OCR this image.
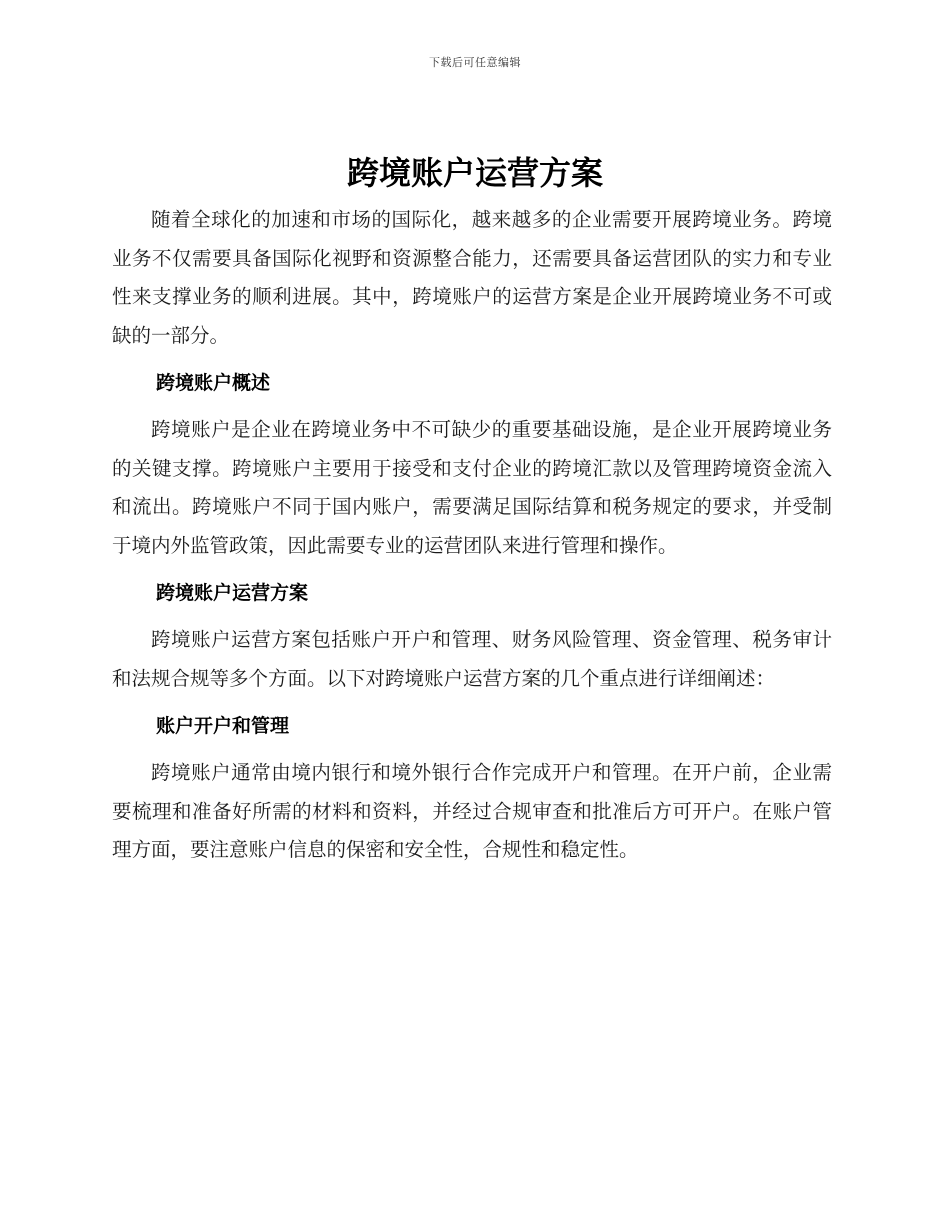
下载后可任意编辑
跨境账户运营方案

随着全球化的加速和市场的国际化，越来越多的企业需要开展跨境业务。跨境业务不仅需要具备国际化视野和资源整合能力，还需要具备运营团队的实力和专业性来支撑业务的顺利进展。其中，跨境账户的运营方案是企业开展跨境业务不可或缺的一部分。

跨境账户概述

跨境账户是企业在跨境业务中不可缺少的重要基础设施，是企业开展跨境业务的关键支撑。跨境账户主要用于接受和支付企业的跨境汇款以及管理跨境资金流入和流出。跨境账户不同于国内账户，需要满足国际结算和税务规定的要求，并受制于境内外监管政策，因此需要专业的运营团队来进行管理和操作。

跨境账户运营方案

跨境账户运营方案包括账户开户和管理、财务风险管理、资金管理、税务审计和法规合规等多个方面。以下对跨境账户运营方案的几个重点进行详细阐述：

账户开户和管理

跨境账户通常由境内银行和境外银行合作完成开户和管理。在开户前，企业需要梳理和准备好所需的材料和资料，并经过合规审查和批准后方可开户。在账户管理方面，要注意账户信息的保密和安全性，合规性和稳定性。
